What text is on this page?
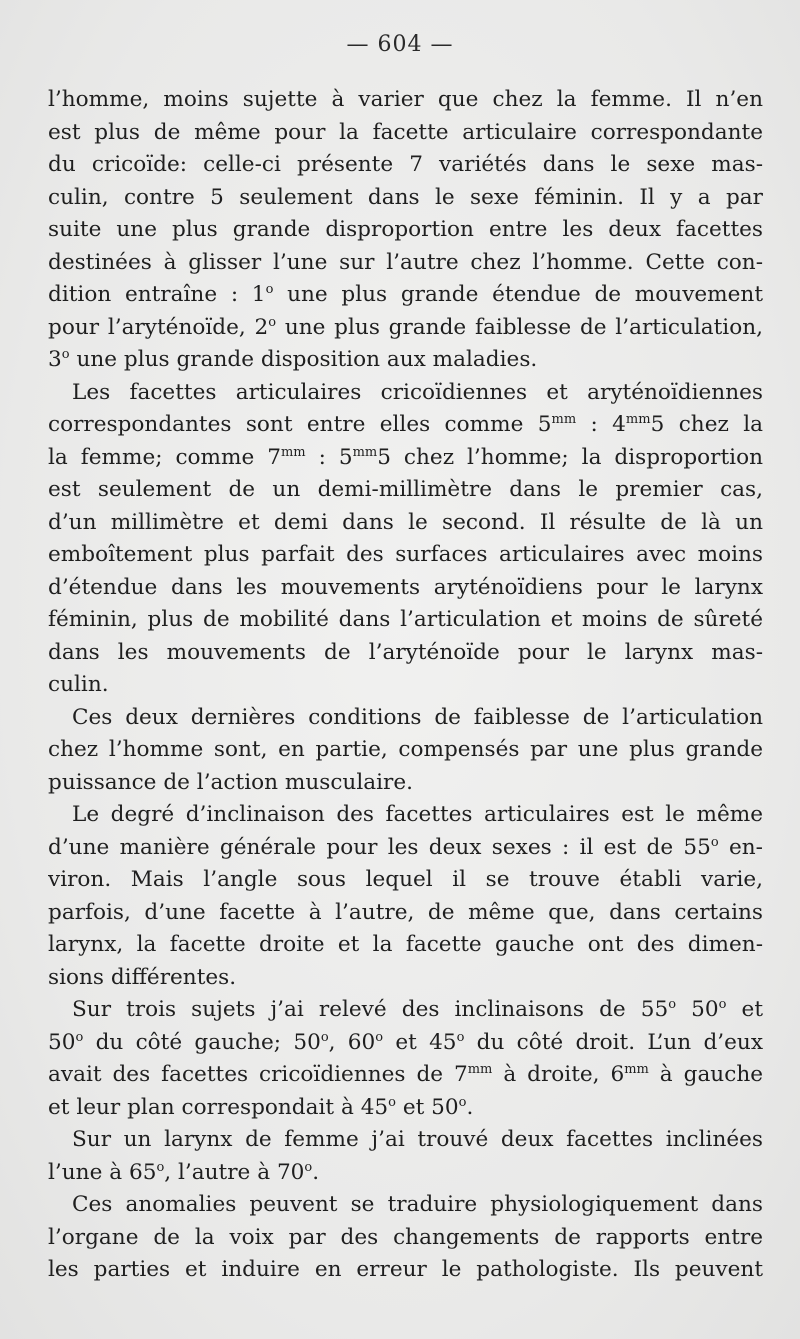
— 604 —
l’homme, moins sujette à varier que chez la femme. Il n’en
est plus de même pour la facette articulaire correspondante
du cricoïde: celle-ci présente 7 variétés dans le sexe mas-
culin, contre 5 seulement dans le sexe féminin. Il y a par
suite une plus grande disproportion entre les deux facettes
destinées à glisser l’une sur l’autre chez l’homme. Cette con-
dition entraîne : 1$^o$ une plus grande étendue de mouvement
pour l’aryténoïde, 2$^o$ une plus grande faiblesse de l’articulation,
3$^o$ une plus grande disposition aux maladies.
Les facettes articulaires cricoïdiennes et aryténoïdiennes
correspondantes sont entre elles comme $5^{mm}$ : $4^{mm}5$ chez la
la femme; comme $7^{mm}$ : $5^{mm}5$ chez l’homme; la disproportion
est seulement de un demi-millimètre dans le premier cas,
d’un millimètre et demi dans le second. Il résulte de là un
emboîtement plus parfait des surfaces articulaires avec moins
d’étendue dans les mouvements aryténoïdiens pour le larynx
féminin, plus de mobilité dans l’articulation et moins de sûreté
dans les mouvements de l’aryténoïde pour le larynx mas-
culin.
Ces deux dernières conditions de faiblesse de l’articulation
chez l’homme sont, en partie, compensés par une plus grande
puissance de l’action musculaire.
Le degré d’inclinaison des facettes articulaires est le même
d’une manière générale pour les deux sexes : il est de 55$^o$ en-
viron. Mais l’angle sous lequel il se trouve établi varie,
parfois, d’une facette à l’autre, de même que, dans certains
larynx, la facette droite et la facette gauche ont des dimen-
sions différentes.
Sur trois sujets j’ai relevé des inclinaisons de 55$^o$ 50$^o$ et
50$^o$ du côté gauche; 50$^o$, 60$^o$ et 45$^o$ du côté droit. L’un d’eux
avait des facettes cricoïdiennes de $7^{mm}$ à droite, $6^{mm}$ à gauche
et leur plan correspondait à 45$^o$ et 50$^o$.
Sur un larynx de femme j’ai trouvé deux facettes inclinées
l’une à 65$^o$, l’autre à 70$^o$.
Ces anomalies peuvent se traduire physiologiquement dans
l’organe de la voix par des changements de rapports entre
les parties et induire en erreur le pathologiste. Ils peuvent
